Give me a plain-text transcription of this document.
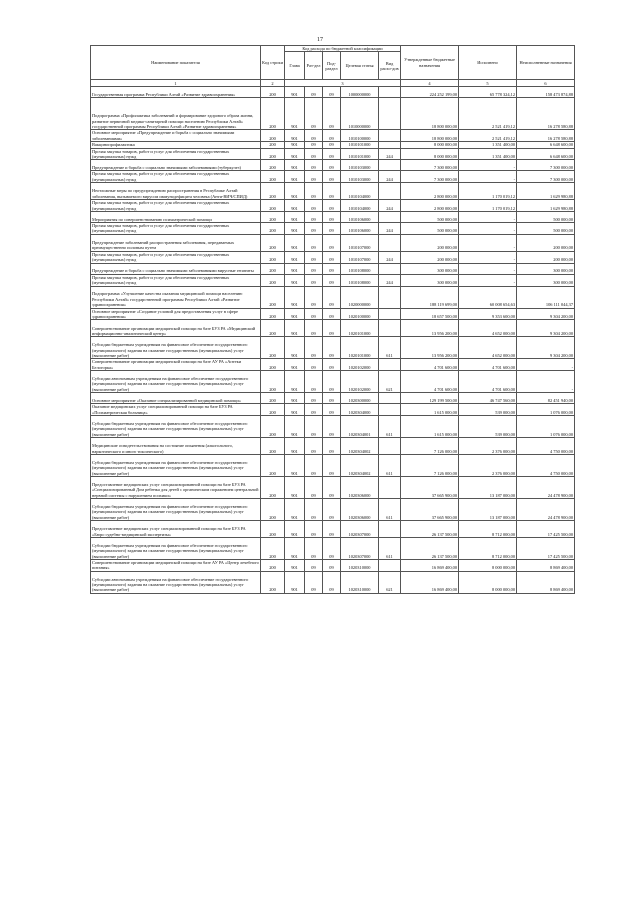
17
Наименование показателя	Код строки	Код расхода по бюджетной классификации					Утвержденные бюджетные назначения	Исполнено	Неисполненные назначения
		Глава	Раз-дел	Под-раздел	Целевая статья	Вид расхо-дов			
1	2	3					4	5	6
Государственная программа Республики Алтай «Развитие здравоохранения»	200	901	09	09	1000000000		224 252 199,00	65 778 324,12	158 473 874,88
Подпрограмма «Профилактика заболеваний и формирование здорового образа жизни, развитие первичной медико-санитарной помощи населению Республики Алтай» государственной программы Республики Алтай «Развитие здравоохранения»	200	901	09	09	1010000000		18 800 000,00	2 521 419,12	16 278 580,88
Основное мероприятие «Предупреждение и борьба с социально значимыми заболеваниями»	200	901	09	09	1010100000		18 800 000,00	2 521 419,12	16 278 580,88
Вакцинопрофилактика	200	901	09	09	1010101000		8 000 000,00	1 351 400,00	6 648 600,00
Прочая закупка товаров, работ и услуг для обеспечения государственных (муниципальных) нужд	200	901	09	09	1010101000	244	8 000 000,00	1 351 400,00	6 648 600,00
Предупреждение и борьба с социально значимыми заболеваниями (туберкулез)	200	901	09	09	1010103000		7 300 000,00	-	7 300 000,00
Прочая закупка товаров, работ и услуг для обеспечения государственных (муниципальных) нужд	200	901	09	09	1010103000	244	7 300 000,00	-	7 300 000,00
Неотложные меры по предупреждению распространения в Республике Алтай заболевания, вызываемого вирусом иммунодефицита человека (Анти-ВИЧ/СПИД)	200	901	09	09	1010104000		2 800 000,00	1 170 019,12	1 629 980,88
Прочая закупка товаров, работ и услуг для обеспечения государственных (муниципальных) нужд	200	901	09	09	1010104000	244	2 800 000,00	1 170 019,12	1 629 980,88
Мероприятия по совершенствованию психиатрической помощи	200	901	09	09	1010106000		500 000,00	-	500 000,00
Прочая закупка товаров, работ и услуг для обеспечения государственных (муниципальных) нужд	200	901	09	09	1010106000	244	500 000,00	-	500 000,00
Предупреждение заболеваний распространения заболевания, передаваемых преимущественно половым путем	200	901	09	09	1010107000		200 000,00	-	200 000,00
Прочая закупка товаров, работ и услуг для обеспечения государственных (муниципальных) нужд	200	901	09	09	1010107000	244	200 000,00	-	200 000,00
Предупреждение и борьба с социально значимыми заболеваниями вирусные гепатиты	200	901	09	09	1010108000		300 000,00	-	300 000,00
Прочая закупка товаров, работ и услуг для обеспечения государственных (муниципальных) нужд	200	901	09	09	1010108000	244	300 000,00	-	300 000,00
Подпрограмма «Улучшение качества оказания медицинской помощи населению Республики Алтай» государственной программы Республики Алтай «Развитие здравоохранения»	200	901	09	09	1020000000		188 119 699,00	60 008 654,63	106 111 044,37
Основное мероприятие «Создание условий для предоставления услуг в сфере здравоохранения»	200	901	09	09	1020100000		18 657 500,00	9 353 600,00	9 304 200,00
Совершенствование организации медицинской помощи на базе БУЗ РА «Медицинский информационно-аналитический центр»	200	901	09	09	1020101000		13 956 200,00	4 652 000,00	9 304 200,00
Субсидии бюджетным учреждениям на финансовое обеспечение государственного (муниципального) задания на оказание государственных (муниципальных) услуг (выполнение работ)	200	901	09	09	1020101000	611	13 956 200,00	4 652 000,00	9 304 200,00
Совершенствование организации медицинской помощи на базе АУ РА «Аптеки Белогорка»	200	901	09	09	1020102000		4 701 600,00	4 701 600,00	-
Субсидии автономным учреждениям на финансовое обеспечение государственного (муниципального) задания на оказание государственных (муниципальных) услуг (выполнение работ)	200	901	09	09	1020102000	621	4 701 600,00	4 701 600,00	-
Основное мероприятие «Оказание специализированной медицинской помощи»	200	901	09	09	1020300000		129 199 500,00	46 747 560,00	82 451 940,00
Оказание медицинских услуг специализированной помощи на базе БУЗ РА «Психиатрическая больница»	200	901	09	09	1020304000		1 615 000,00	539 000,00	1 076 000,00
Субсидии бюджетным учреждениям на финансовое обеспечение государственного (муниципального) задания на оказание государственных (муниципальных) услуг (выполнение работ)	200	901	09	09	1020304001	611	1 615 000,00	539 000,00	1 076 000,00
Медицинские освидетельствования на состояние опьянения (алкогольного, наркотического и иного токсического)	200	901	09	09	1020304002		7 126 000,00	2 376 000,00	4 750 000,00
Субсидии бюджетным учреждениям на финансовое обеспечение государственного (муниципального) задания на оказание государственных (муниципальных) услуг (выполнение работ)	200	901	09	09	1020304002	611	7 126 000,00	2 376 000,00	4 750 000,00
Предоставление медицинских услуг специализированной помощи на базе БУЗ РА «Специализированный Дом ребенка для детей с органическим поражением центральной нервной системы с нарушением психики»	200	901	09	09	1020306000		37 665 900,00	13 187 000,00	24 478 900,00
Субсидии бюджетным учреждениям на финансовое обеспечение государственного (муниципального) задания на оказание государственных (муниципальных) услуг (выполнение работ)	200	901	09	09	1020306000	611	37 665 900,00	13 187 000,00	24 478 900,00
Предоставление медицинских услуг специализированной помощи на базе БУЗ РА «Бюро судебно-медицинской экспертизы»	200	901	09	09	1020307000		26 137 500,00	8 712 000,00	17 425 500,00
Субсидии бюджетным учреждениям на финансовое обеспечение государственного (муниципального) задания на оказание государственных (муниципальных) услуг (выполнение работ)	200	901	09	09	1020307000	611	26 137 500,00	8 712 000,00	17 425 500,00
Совершенствование организации медицинской помощи на базе АУ РА «Центр лечебного питания»	200	901	09	09	1020310000		16 869 400,00	8 000 000,00	8 869 400,00
Субсидии автономным учреждениям на финансовое обеспечение государственного (муниципального) задания на оказание государственных (муниципальных) услуг (выполнение работ)	200	901	09	09	1020310000	621	16 869 400,00	8 000 000,00	8 869 400,00
